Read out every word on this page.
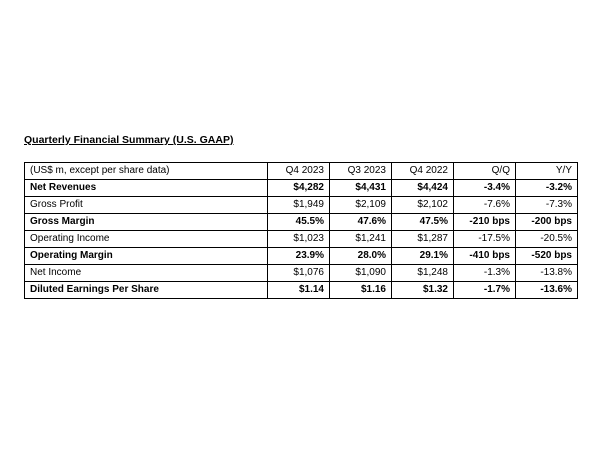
Quarterly Financial Summary (U.S. GAAP)
(US$ m, except per share data)	Q4 2023	Q3 2023	Q4 2022	Q/Q	Y/Y
Net Revenues	$4,282	$4,431	$4,424	-3.4%	-3.2%
Gross Profit	$1,949	$2,109	$2,102	-7.6%	-7.3%
Gross Margin	45.5%	47.6%	47.5%	-210 bps	-200 bps
Operating Income	$1,023	$1,241	$1,287	-17.5%	-20.5%
Operating Margin	23.9%	28.0%	29.1%	-410 bps	-520 bps
Net Income	$1,076	$1,090	$1,248	-1.3%	-13.8%
Diluted Earnings Per Share	$1.14	$1.16	$1.32	-1.7%	-13.6%
